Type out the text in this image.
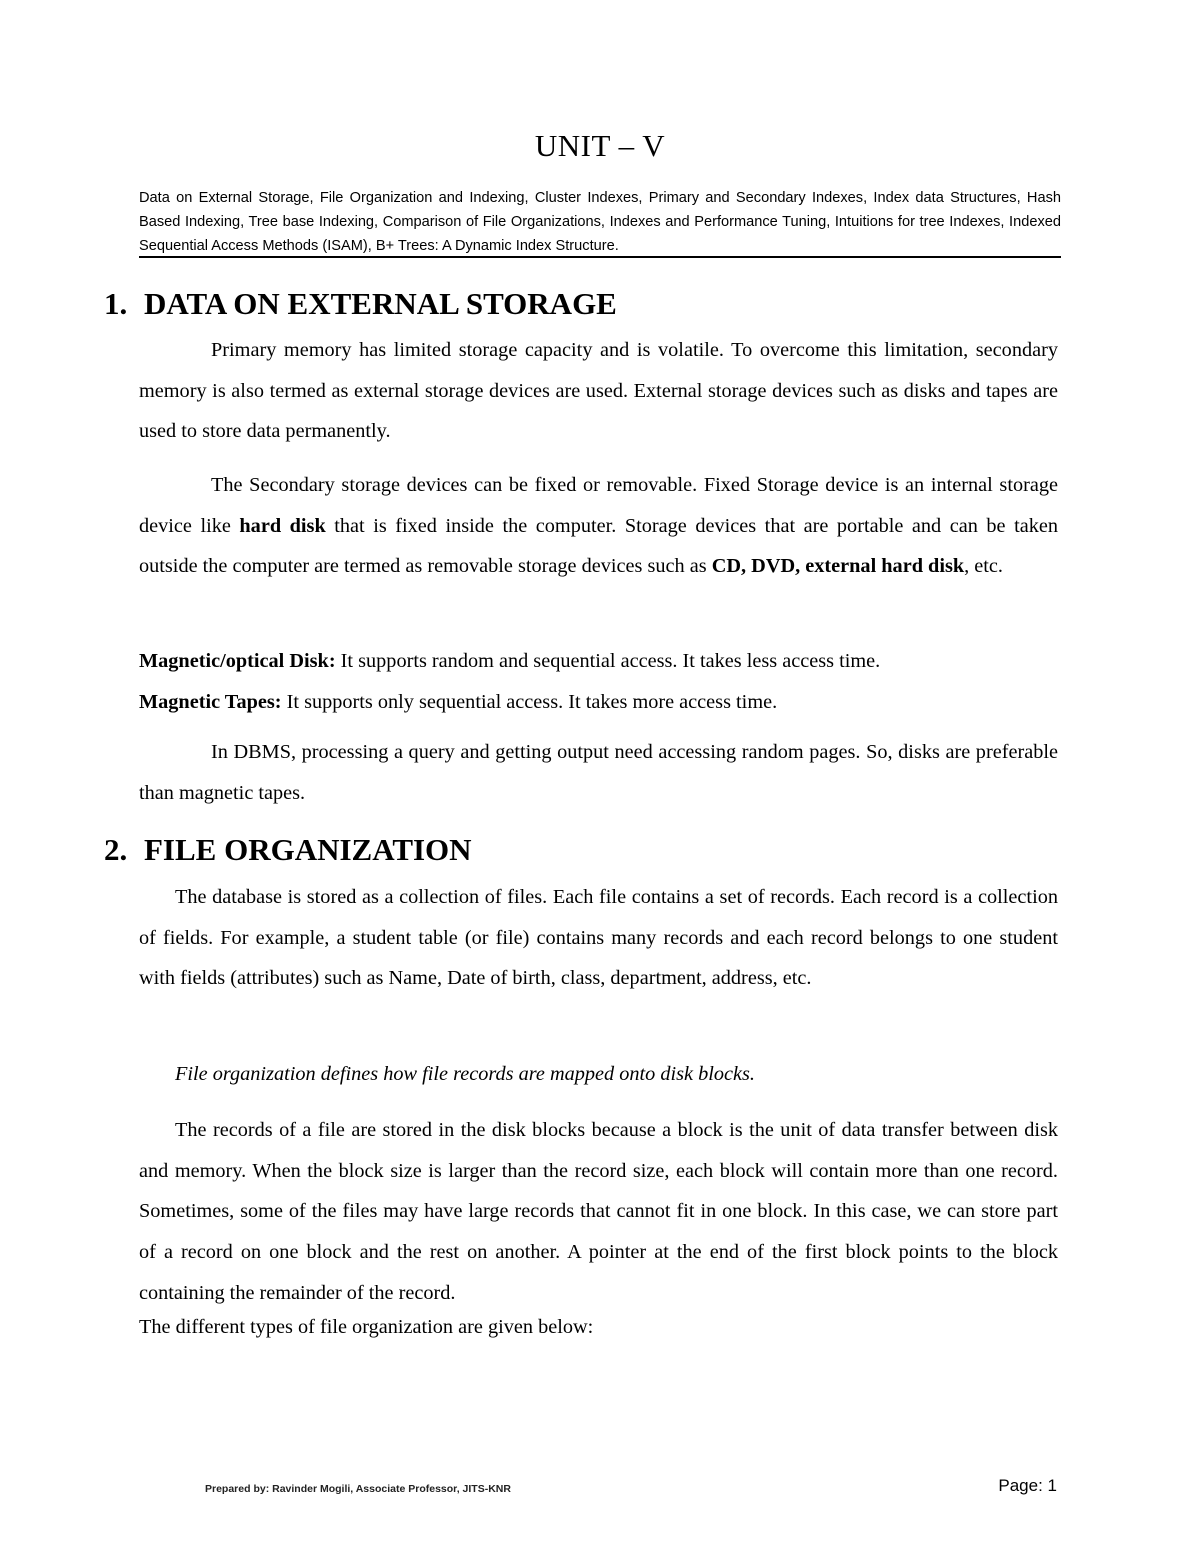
UNIT – V
Data on External Storage, File Organization and Indexing, Cluster Indexes, Primary and Secondary Indexes, Index data Structures, Hash Based Indexing, Tree base Indexing, Comparison of File Organizations, Indexes and Performance Tuning, Intuitions for tree Indexes, Indexed Sequential Access Methods (ISAM), B+ Trees: A Dynamic Index Structure.
1. DATA ON EXTERNAL STORAGE
Primary memory has limited storage capacity and is volatile. To overcome this limitation, secondary memory is also termed as external storage devices are used. External storage devices such as disks and tapes are used to store data permanently.
The Secondary storage devices can be fixed or removable. Fixed Storage device is an internal storage device like hard disk that is fixed inside the computer. Storage devices that are portable and can be taken outside the computer are termed as removable storage devices such as CD, DVD, external hard disk, etc.
Magnetic/optical Disk: It supports random and sequential access. It takes less access time.
Magnetic Tapes: It supports only sequential access. It takes more access time.
In DBMS, processing a query and getting output need accessing random pages. So, disks are preferable than magnetic tapes.
2. FILE ORGANIZATION
The database is stored as a collection of files. Each file contains a set of records. Each record is a collection of fields. For example, a student table (or file) contains many records and each record belongs to one student with fields (attributes) such as Name, Date of birth, class, department, address, etc.
File organization defines how file records are mapped onto disk blocks.
The records of a file are stored in the disk blocks because a block is the unit of data transfer between disk and memory. When the block size is larger than the record size, each block will contain more than one record. Sometimes, some of the files may have large records that cannot fit in one block. In this case, we can store part of a record on one block and the rest on another. A pointer at the end of the first block points to the block containing the remainder of the record.
The different types of file organization are given below:
Prepared by: Ravinder Mogili, Associate Professor, JITS-KNR	Page: 1
